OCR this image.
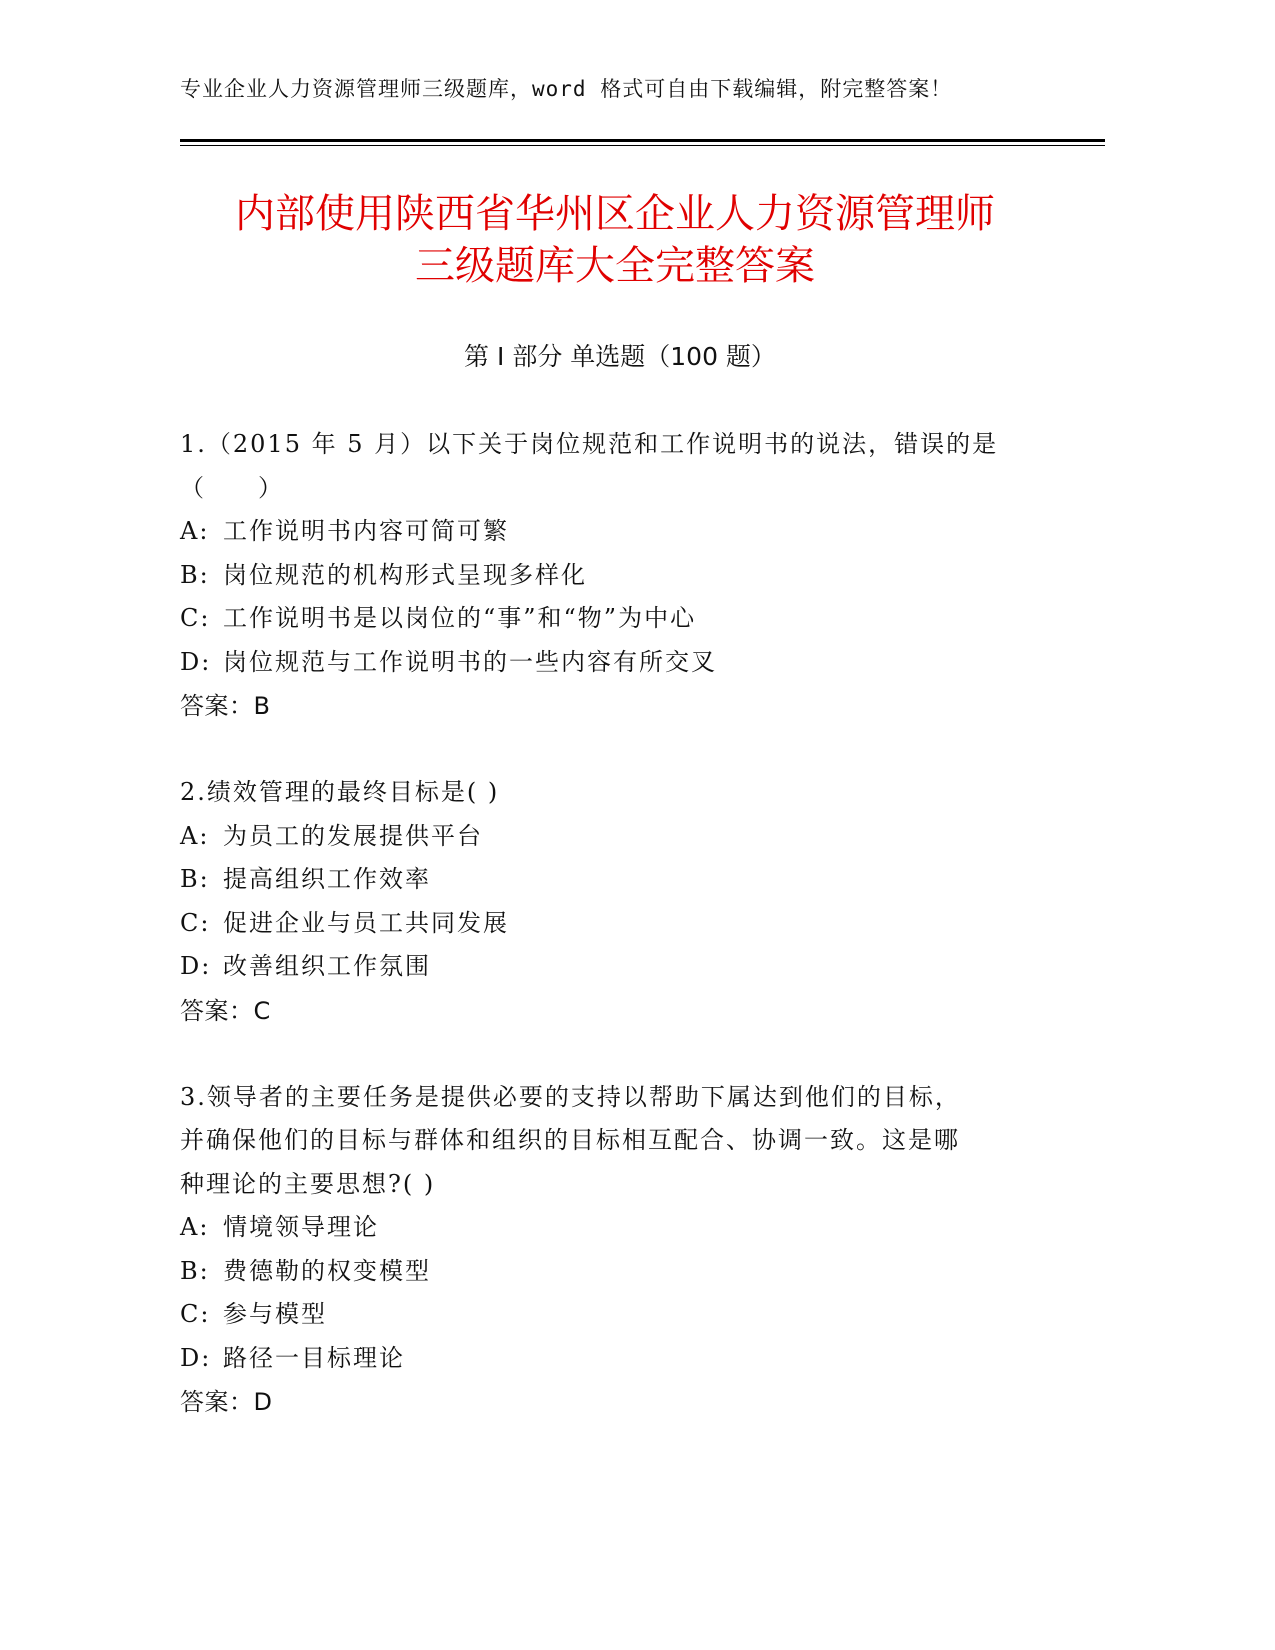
专业企业人力资源管理师三级题库，word 格式可自由下载编辑，附完整答案！
内部使用陕西省华州区企业人力资源管理师
三级题库大全完整答案
第 I 部分 单选题（100 题）
1.（2015 年 5 月）以下关于岗位规范和工作说明书的说法，错误的是
（　　）
A: 工作说明书内容可简可繁
B: 岗位规范的机构形式呈现多样化
C: 工作说明书是以岗位的“事”和“物”为中心
D: 岗位规范与工作说明书的一些内容有所交叉
答案：B
2.绩效管理的最终目标是( )
A: 为员工的发展提供平台
B: 提高组织工作效率
C: 促进企业与员工共同发展
D: 改善组织工作氛围
答案：C
3.领导者的主要任务是提供必要的支持以帮助下属达到他们的目标，
并确保他们的目标与群体和组织的目标相互配合、协调一致。这是哪
种理论的主要思想?( )
A: 情境领导理论
B: 费德勒的权变模型
C: 参与模型
D: 路径一目标理论
答案：D
